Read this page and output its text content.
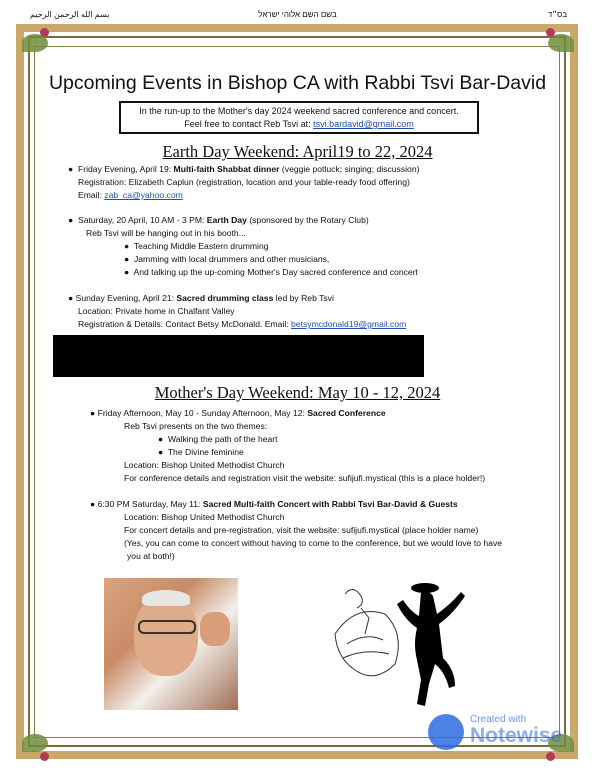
بسم الله الرحمن الرحيم	בשם השם אלוהי ישראל	בס״ד
Upcoming Events in Bishop CA with Rabbi Tsvi Bar-David
In the run-up to the Mother's day 2024 weekend sacred conference and concert.
Feel free to contact Reb Tsvi at: tsvi.bardavid@gmail.com
Earth Day Weekend: April19 to 22, 2024
● Friday Evening, April 19: Multi-faith Shabbat dinner (veggie potluck; singing; discussion)
Registration: Elizabeth Caplun (registration, location and your table-ready food offering)
Email: zab_ca@yahoo.com
● Saturday, 20 April, 10 AM - 3 PM: Earth Day (sponsored by the Rotary Club)
Reb Tsvi will be hanging out in his booth...
●  Teaching Middle Eastern drumming
●  Jamming with local drummers and other musicians,
●  And talking up the up-coming Mother's Day sacred conference and concert
● Sunday Evening, April 21: Sacred drumming class led by Reb Tsvi
Location: Private home in Chalfant Valley
Registration & Details: Contact Betsy McDonald. Email: betsymcdonald19@gmail.com
Mother's Day Weekend: May 10 - 12, 2024
● Friday Afternoon, May 10 - Sunday Afternoon, May 12: Sacred Conference
Reb Tsvi presents on the two themes:
●  Walking the path of the heart
●  The Divine feminine
Location: Bishop United Methodist Church
For conference details and registration visit the website: sufijufi.mystical (this is a place holder!)
● 6:30 PM Saturday, May 11: Sacred Multi-faith Concert with Rabbi Tsvi Bar-David & Guests
Location: Bishop United Methodist Church
For concert details and pre-registration, visit the website: sufijufi.mystical (place holder name)
(Yes, you can come to concert without having to come to the conference, but we would love to have
you at both!)
Created with
Notewise
